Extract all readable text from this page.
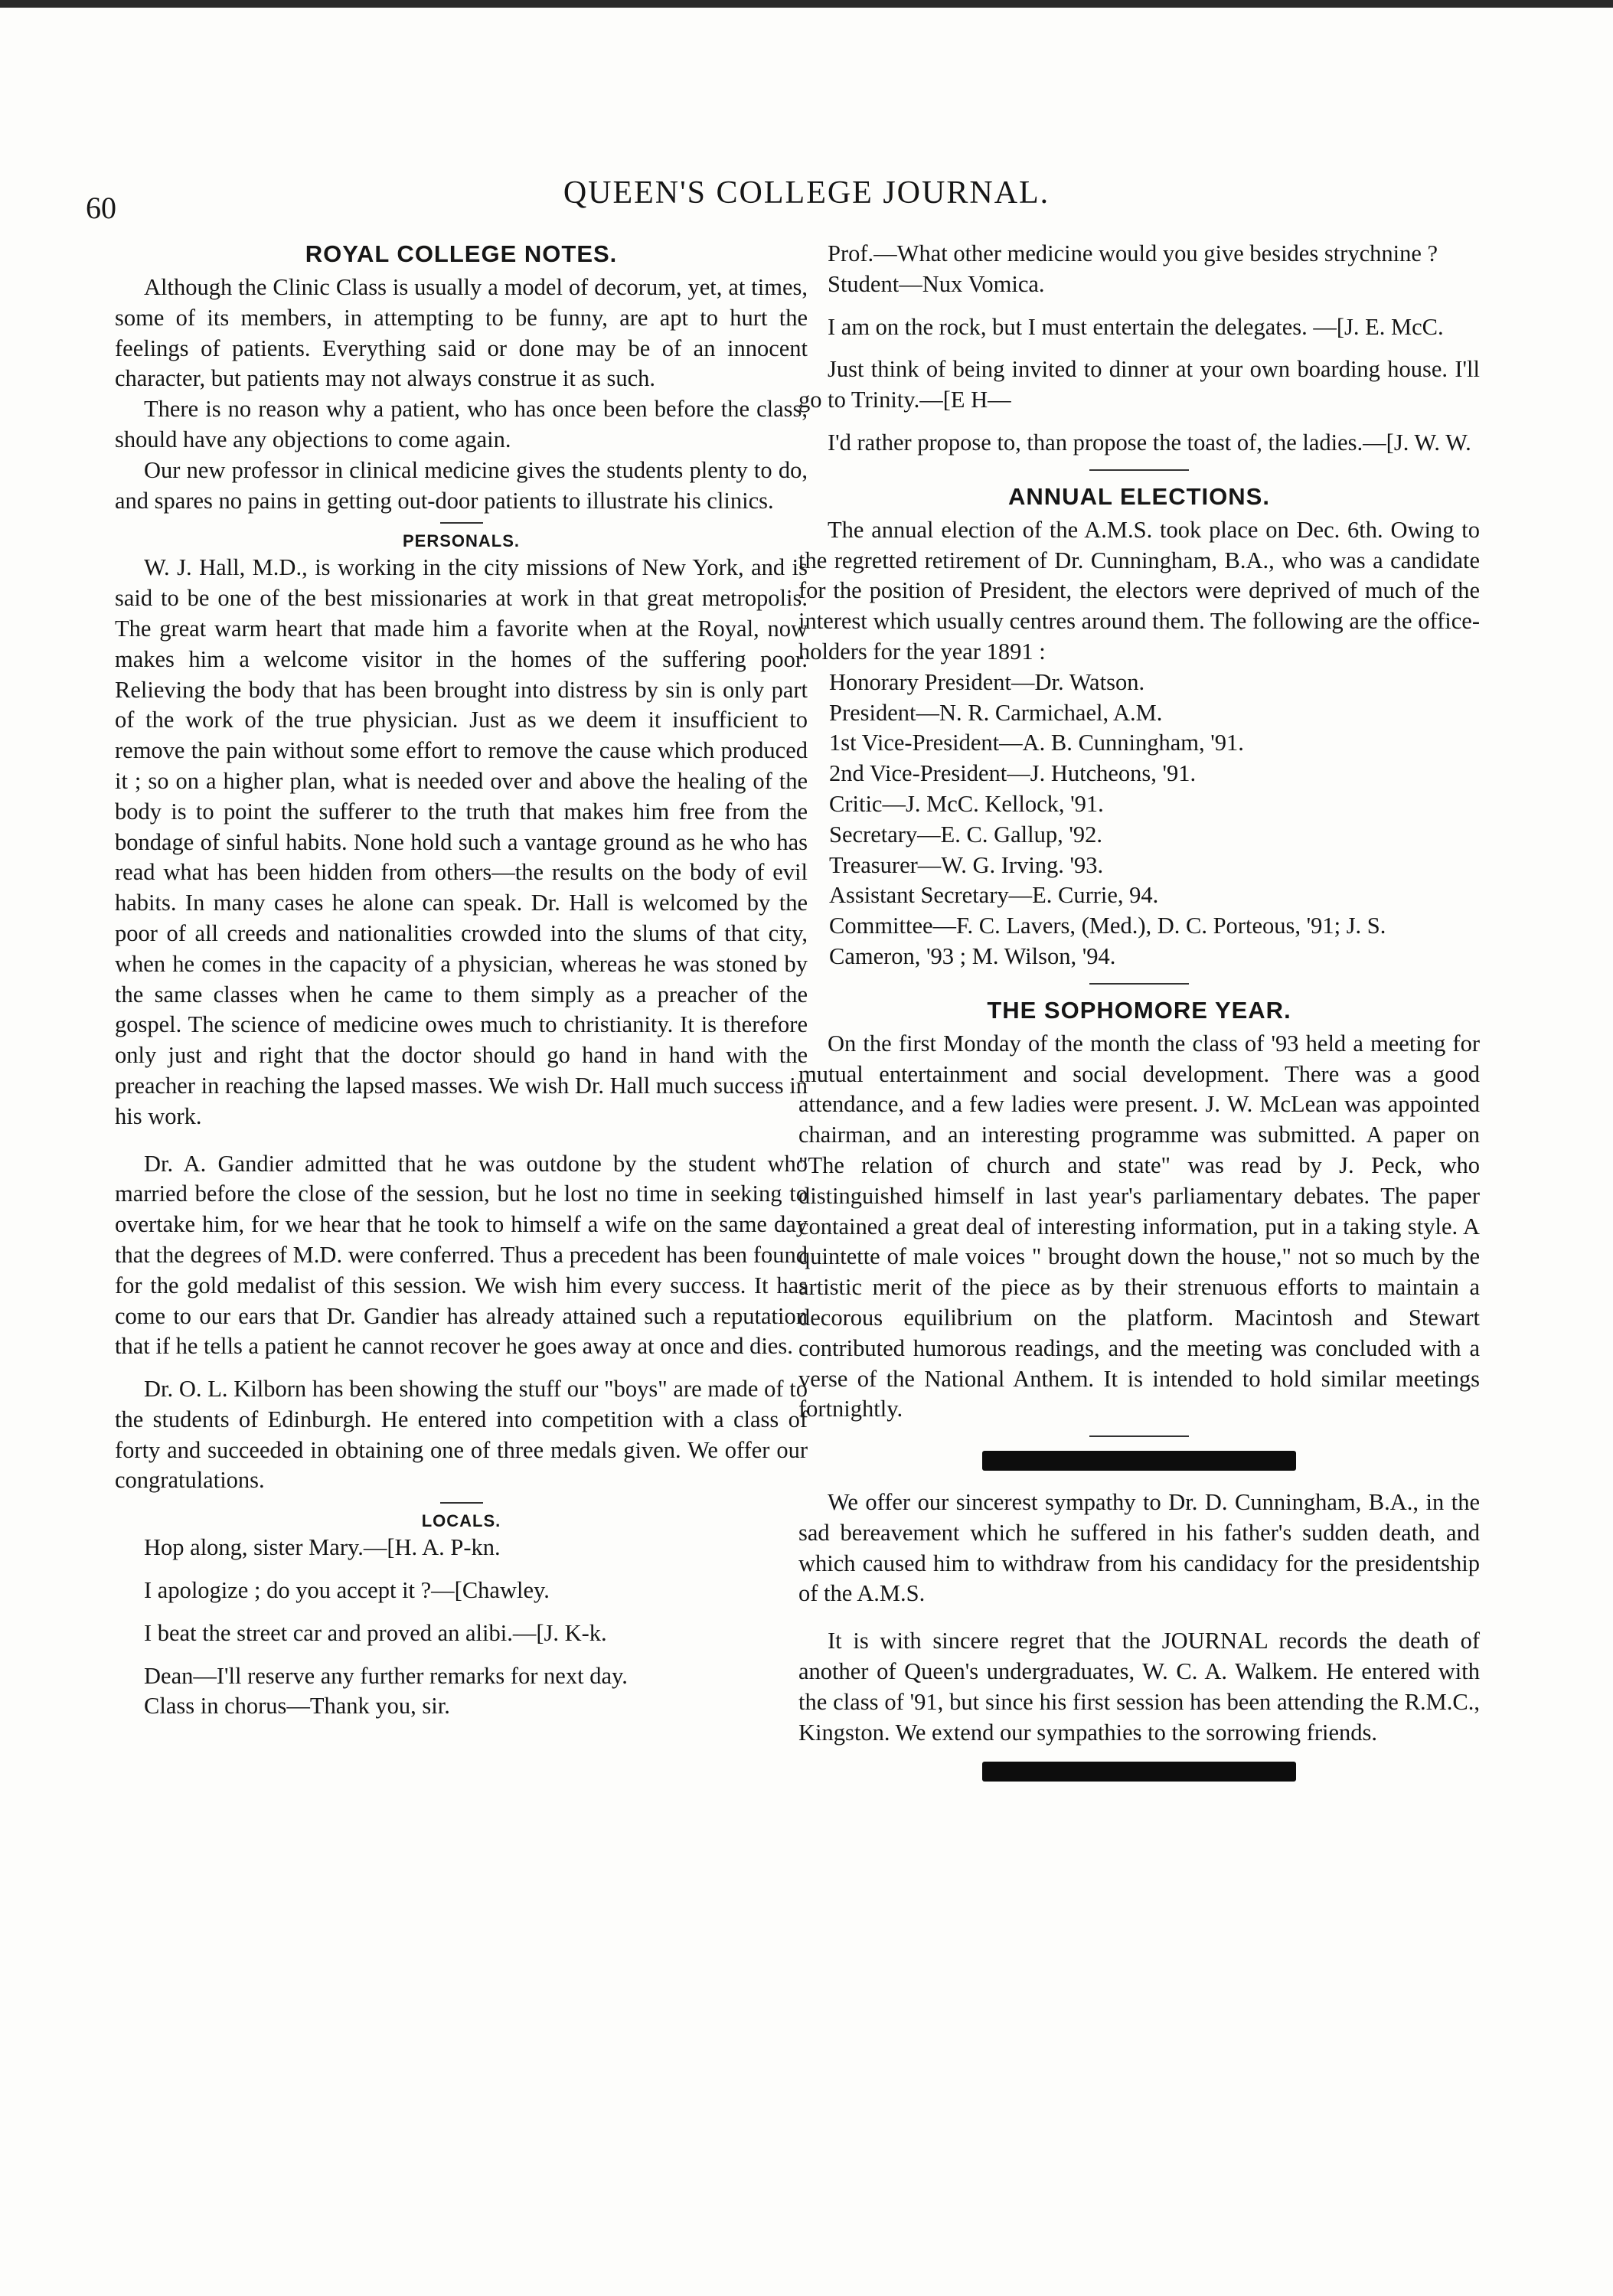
60	QUEEN'S COLLEGE JOURNAL.
ROYAL COLLEGE NOTES.

Although the Clinic Class is usually a model of decorum, yet, at times, some of its members, in attempting to be funny, are apt to hurt the feelings of patients. Everything said or done may be of an innocent character, but patients may not always construe it as such.

There is no reason why a patient, who has once been before the class, should have any objections to come again.

Our new professor in clinical medicine gives the students plenty to do, and spares no pains in getting out-door patients to illustrate his clinics.

PERSONALS.

W. J. Hall, M.D., is working in the city missions of New York, and is said to be one of the best missionaries at work in that great metropolis. The great warm heart that made him a favorite when at the Royal, now makes him a welcome visitor in the homes of the suffering poor. Relieving the body that has been brought into distress by sin is only part of the work of the true physician. Just as we deem it insufficient to remove the pain without some effort to remove the cause which produced it ; so on a higher plan, what is needed over and above the healing of the body is to point the sufferer to the truth that makes him free from the bondage of sinful habits. None hold such a vantage ground as he who has read what has been hidden from others—the results on the body of evil habits. In many cases he alone can speak. Dr. Hall is welcomed by the poor of all creeds and nationalities crowded into the slums of that city, when he comes in the capacity of a physician, whereas he was stoned by the same classes when he came to them simply as a preacher of the gospel. The science of medicine owes much to christianity. It is therefore only just and right that the doctor should go hand in hand with the preacher in reaching the lapsed masses. We wish Dr. Hall much success in his work.

Dr. A. Gandier admitted that he was outdone by the student who married before the close of the session, but he lost no time in seeking to overtake him, for we hear that he took to himself a wife on the same day that the degrees of M.D. were conferred. Thus a precedent has been found for the gold medalist of this session. We wish him every success. It has come to our ears that Dr. Gandier has already attained such a reputation that if he tells a patient he cannot recover he goes away at once and dies.

Dr. O. L. Kilborn has been showing the stuff our "boys" are made of to the students of Edinburgh. He entered into competition with a class of forty and succeeded in obtaining one of three medals given. We offer our congratulations.

LOCALS.

Hop along, sister Mary.—[H. A. P-kn.

I apologize ; do you accept it ?—[Chawley.

I beat the street car and proved an alibi.—[J. K-k.

Dean—I'll reserve any further remarks for next day.

Class in chorus—Thank you, sir.

Prof.—What other medicine would you give besides strychnine ?

Student—Nux Vomica.

I am on the rock, but I must entertain the delegates. —[J. E. McC.

Just think of being invited to dinner at your own boarding house. I'll go to Trinity.—[E H—

I'd rather propose to, than propose the toast of, the ladies.—[J. W. W.

ANNUAL ELECTIONS.

The annual election of the A.M.S. took place on Dec. 6th. Owing to the regretted retirement of Dr. Cunningham, B.A., who was a candidate for the position of President, the electors were deprived of much of the interest which usually centres around them. The following are the office-holders for the year 1891 :

Honorary President—Dr. Watson.

President—N. R. Carmichael, A.M.

1st Vice-President—A. B. Cunningham, '91.

2nd Vice-President—J. Hutcheons, '91.

Critic—J. McC. Kellock, '91.

Secretary—E. C. Gallup, '92.

Treasurer—W. G. Irving. '93.

Assistant Secretary—E. Currie, 94.

Committee—F. C. Lavers, (Med.), D. C. Porteous, '91; J. S. Cameron, '93 ; M. Wilson, '94.

THE SOPHOMORE YEAR.

On the first Monday of the month the class of '93 held a meeting for mutual entertainment and social development. There was a good attendance, and a few ladies were present. J. W. McLean was appointed chairman, and an interesting programme was submitted. A paper on "The relation of church and state" was read by J. Peck, who distinguished himself in last year's parliamentary debates. The paper contained a great deal of interesting information, put in a taking style. A quintette of male voices " brought down the house," not so much by the artistic merit of the piece as by their strenuous efforts to maintain a decorous equilibrium on the platform. Macintosh and Stewart contributed humorous readings, and the meeting was concluded with a verse of the National Anthem. It is intended to hold similar meetings fortnightly.

We offer our sincerest sympathy to Dr. D. Cunningham, B.A., in the sad bereavement which he suffered in his father's sudden death, and which caused him to withdraw from his candidacy for the presidentship of the A.M.S.

It is with sincere regret that the JOURNAL records the death of another of Queen's undergraduates, W. C. A. Walkem. He entered with the class of '91, but since his first session has been attending the R.M.C., Kingston. We extend our sympathies to the sorrowing friends.
